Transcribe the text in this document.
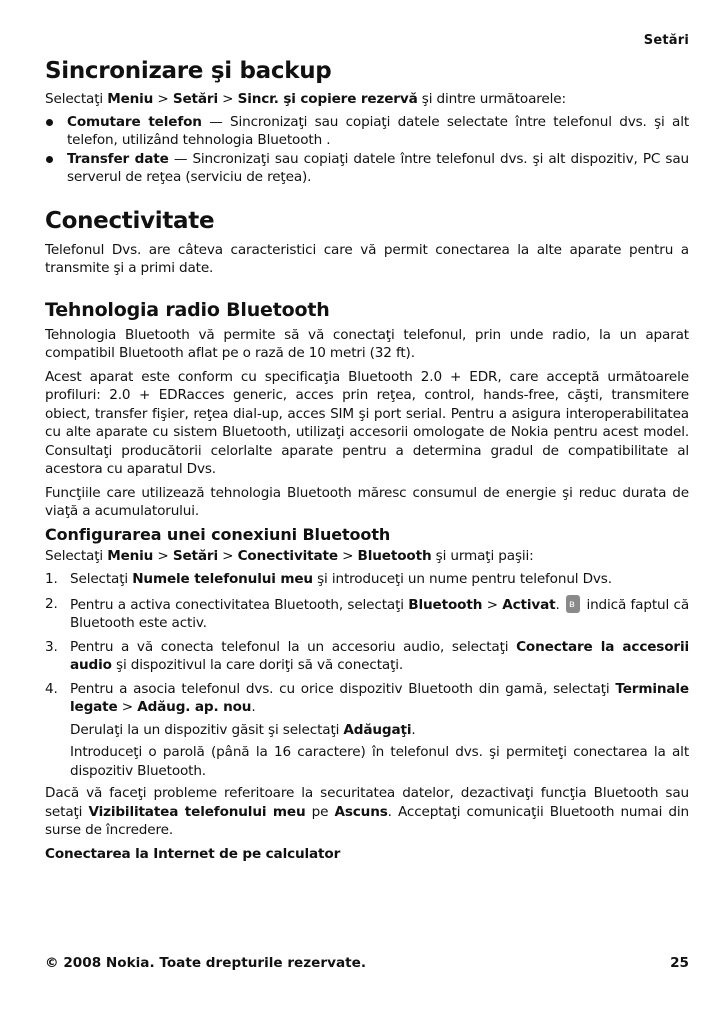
Setări
Sincronizare şi backup

Selectaţi Meniu > Setări > Sincr. şi copiere rezervă şi dintre următoarele:

Comutare telefon — Sincronizaţi sau copiaţi datele selectate între telefonul dvs. şi alt telefon, utilizând tehnologia Bluetooth .
Transfer date — Sincronizaţi sau copiaţi datele între telefonul dvs. şi alt dispozitiv, PC sau serverul de reţea (serviciu de reţea).
Conectivitate

Telefonul Dvs. are câteva caracteristici care vă permit conectarea la alte aparate pentru a transmite şi a primi date.

Tehnologia radio Bluetooth

Tehnologia Bluetooth vă permite să vă conectaţi telefonul, prin unde radio, la un aparat compatibil Bluetooth aflat pe o rază de 10 metri (32 ft).

Acest aparat este conform cu specificaţia Bluetooth 2.0 + EDR, care acceptă următoarele profiluri: 2.0 + EDRacces generic, acces prin reţea, control, hands-free, căşti, transmitere obiect, transfer fişier, reţea dial-up, acces SIM şi port serial. Pentru a asigura interoperabilitatea cu alte aparate cu sistem Bluetooth, utilizaţi accesorii omologate de Nokia pentru acest model. Consultaţi producătorii celorlalte aparate pentru a determina gradul de compatibilitate al acestora cu aparatul Dvs.

Funcţiile care utilizează tehnologia Bluetooth măresc consumul de energie şi reduc durata de viaţă a acumulatorului.

Configurarea unei conexiuni Bluetooth

Selectaţi Meniu > Setări > Conectivitate > Bluetooth şi urmaţi paşii:

1. Selectaţi Numele telefonului meu şi introduceţi un nume pentru telefonul Dvs.
2. Pentru a activa conectivitatea Bluetooth, selectaţi Bluetooth > Activat. ʙ indică faptul că Bluetooth este activ.
3. Pentru a vă conecta telefonul la un accesoriu audio, selectaţi Conectare la accesorii audio şi dispozitivul la care doriţi să vă conectaţi.
4. Pentru a asocia telefonul dvs. cu orice dispozitiv Bluetooth din gamă, selectaţi Terminale legate > Adăug. ap. nou.

Derulaţi la un dispozitiv găsit şi selectaţi Adăugaţi.

Introduceţi o parolă (până la 16 caractere) în telefonul dvs. şi permiteţi conectarea la alt dispozitiv Bluetooth.

Dacă vă faceţi probleme referitoare la securitatea datelor, dezactivaţi funcţia Bluetooth sau setaţi Vizibilitatea telefonului meu pe Ascuns. Acceptaţi comunicaţii Bluetooth numai din surse de încredere.

Conectarea la Internet de pe calculator

© 2008 Nokia. Toate drepturile rezervate.	25
